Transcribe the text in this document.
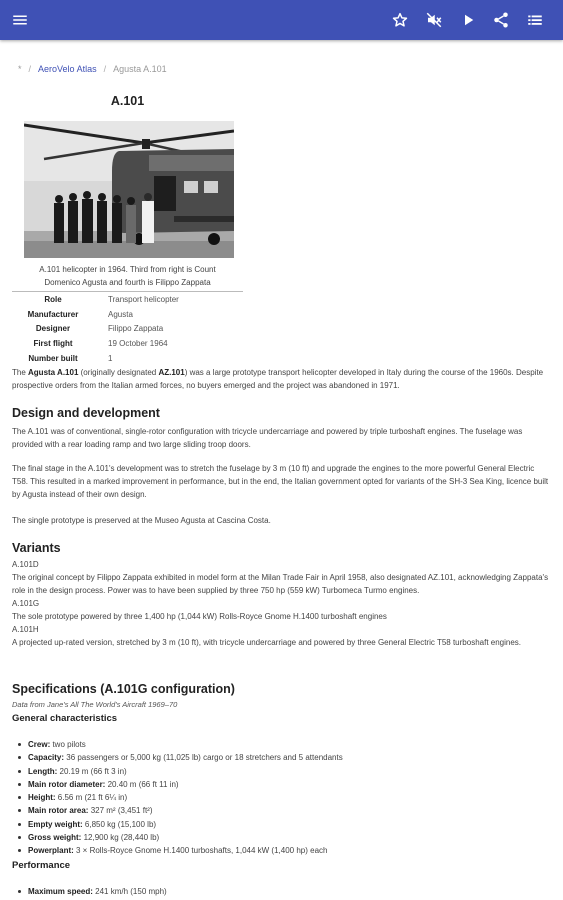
* / AeroVelo Atlas / Agusta A.101
A.101
A.101 helicopter in 1964. Third from right is Count
Domenico Agusta and fourth is Filippo Zappata
Role	Transport helicopter
Manufacturer	Agusta
Designer	Filippo Zappata
First flight	19 October 1964
Number built	1

The Agusta A.101 (originally designated AZ.101) was a large prototype transport helicopter developed in Italy during the course of the 1960s. Despite prospective orders from the Italian armed forces, no buyers emerged and the project was abandoned in 1971.

Design and development

The A.101 was of conventional, single-rotor configuration with tricycle undercarriage and powered by triple turboshaft engines. The fuselage was provided with a rear loading ramp and two large sliding troop doors.

The final stage in the A.101's development was to stretch the fuselage by 3 m (10 ft) and upgrade the engines to the more powerful General Electric T58. This resulted in a marked improvement in performance, but in the end, the Italian government opted for variants of the SH-3 Sea King, licence built by Agusta instead of their own design.

The single prototype is preserved at the Museo Agusta at Cascina Costa.

Variants
A.101D
The original concept by Filippo Zappata exhibited in model form at the Milan Trade Fair in April 1958, also designated AZ.101, acknowledging Zappata's role in the design process. Power was to have been supplied by three 750 hp (559 kW) Turbomeca Turmo engines.
A.101G
The sole prototype powered by three 1,400 hp (1,044 kW) Rolls-Royce Gnome H.1400 turboshaft engines
A.101H
A projected up-rated version, stretched by 3 m (10 ft), with tricycle undercarriage and powered by three General Electric T58 turboshaft engines.
Specifications (A.101G configuration)
Data from Jane's All The World's Aircraft 1969–70
General characteristics
Crew: two pilots
Capacity: 36 passengers or 5,000 kg (11,025 lb) cargo or 18 stretchers and 5 attendants
Length: 20.19 m (66 ft 3 in)
Main rotor diameter: 20.40 m (66 ft 11 in)
Height: 6.56 m (21 ft 6¼ in)
Main rotor area: 327 m² (3,451 ft²)
Empty weight: 6,850 kg (15,100 lb)
Gross weight: 12,900 kg (28,440 lb)
Powerplant: 3 × Rolls-Royce Gnome H.1400 turboshafts, 1,044 kW (1,400 hp) each
Performance
Maximum speed: 241 km/h (150 mph)
